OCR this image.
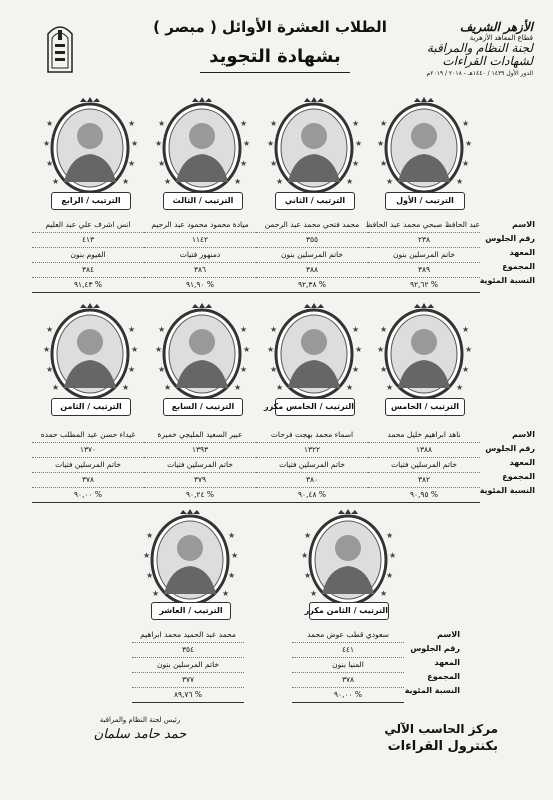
الطلاب العشرة الأوائل ( مبصر )
بشهادة التجويد
الأزهر الشريف
قطاع المعاهد الأزهرية
لجنة النظام والمراقبة
لشهادات القراءات
الدور الأول ١٤٣٩ / ١٤٤٠هـ - ٢٠١٨ / ٢٠١٩م
الترتيب / الأول
الترتيب / الثاني
الترتيب / الثالث
الترتيب / الرابع
الاسم
رقم الجلوس
المعهد
المجموع
النسبة المئوية
عبد الحافظ صبحي محمد عبد الحافظ
٢٣٨
خاتم المرسلين بنون
٣٨٩
% ٩٢,٦٢
محمد فتحي محمد عبد الرحمن
٣٥٥
خاتم المرسلين بنون
٣٨٨
% ٩٢,٣٨
ميادة محمود محمود عبد الرحيم
١١٤٢
دمنهور فتيات
٣٨٦
% ٩١,٩٠
انس اشرف علي عبد العليم
٤١٣
الفيوم بنون
٣٨٤
% ٩١,٤٣
الترتيب / الخامس
الترتيب / الخامس مكرر
الترتيب / السابع
الترتيب / الثامن
الاسم
رقم الجلوس
المعهد
المجموع
النسبة المئوية
ناهد ابراهيم خليل محمد
١٣٨٨
خاتم المرسلين فتيات
٣٨٢
% ٩٠,٩٥
اسماء محمد بهجت فرحات
١٣٢٢
خاتم المرسلين فتيات
٣٨٠
% ٩٠,٤٨
عبير السعيد المليجي خميرة
١٣٩٣
خاتم المرسلين فتيات
٣٧٩
% ٩٠,٢٤
غيداء حسن عبد المطلب حمده
١٣٧٠
خاتم المرسلين فتيات
٣٧٨
% ٩٠,٠٠
الترتيب / الثامن مكرر
الترتيب / العاشر
الاسم
رقم الجلوس
المعهد
المجموع
النسبة المئوية
سعودي قطب عوض محمد
٤٤١
المنيا بنون
٣٧٨
% ٩٠,٠٠
محمد عبد الحميد محمد ابراهيم
٣٥٤
خاتم المرسلين بنون
٣٧٧
% ٨٩,٧٦
رئيس لجنة النظام والمراقبة
حمد حامد سلمان	مركز الحاسب الآلي
بكنترول القراءات
